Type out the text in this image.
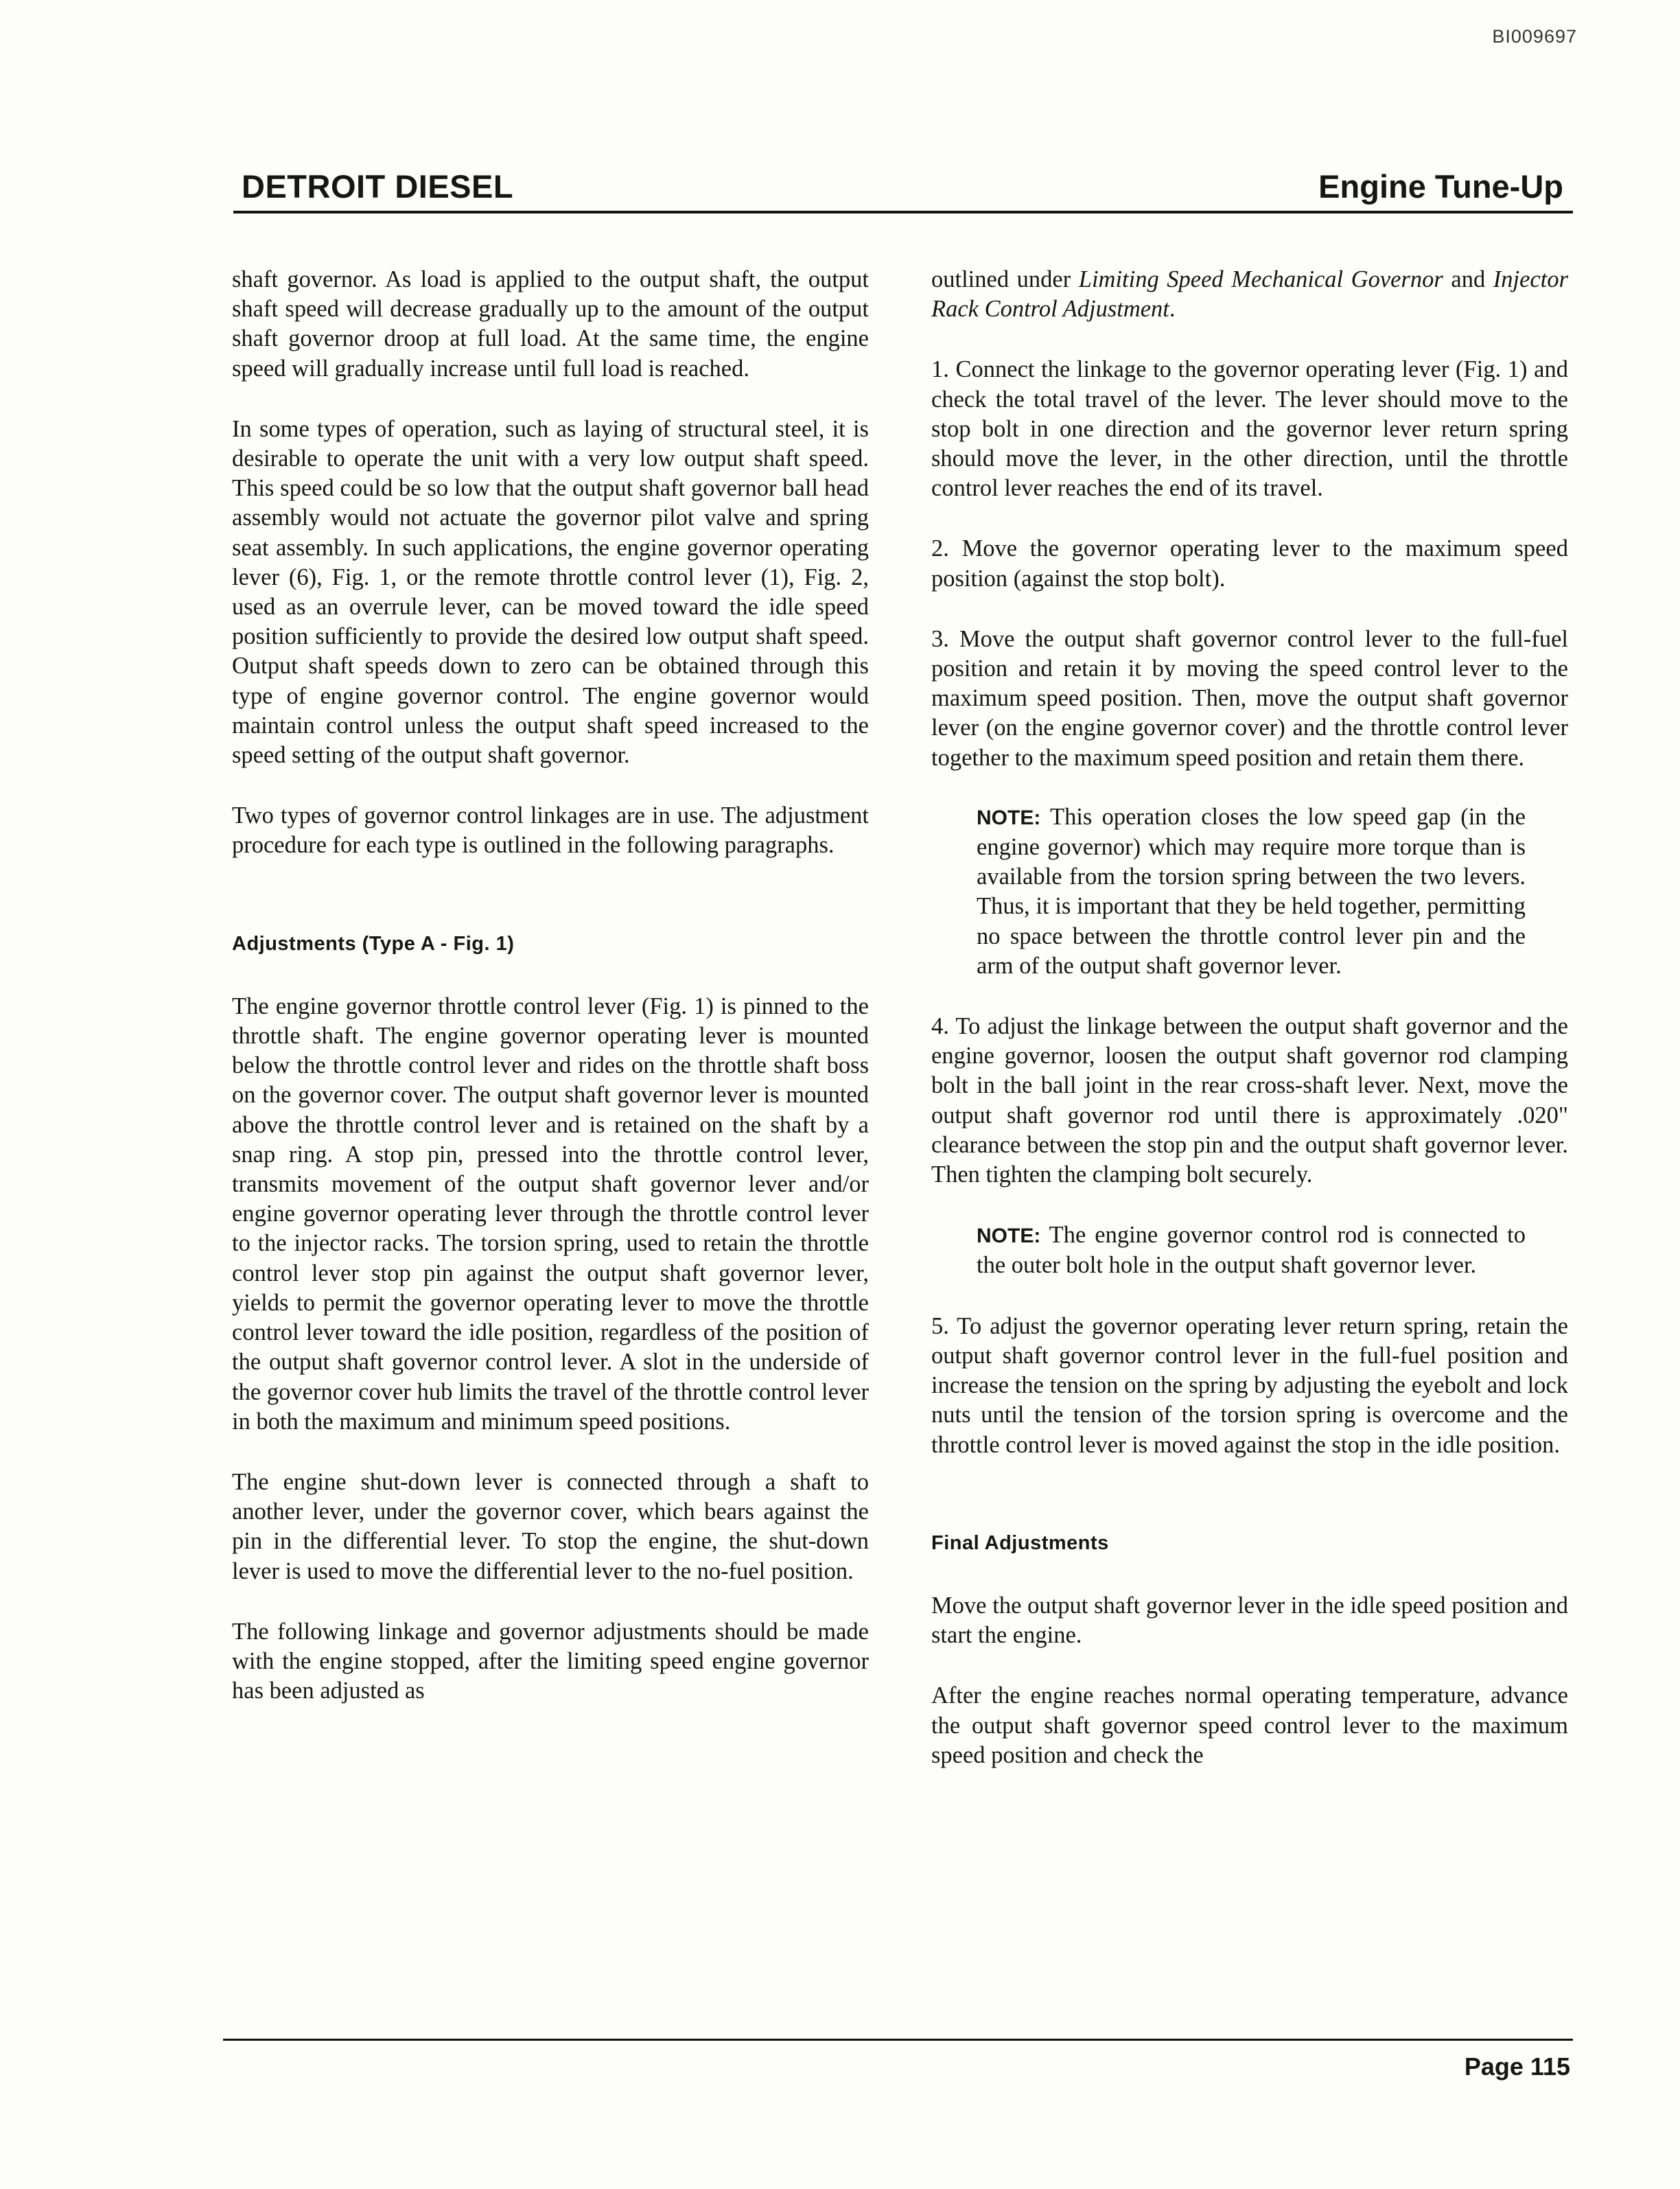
BI009697
DETROIT DIESEL	Engine Tune-Up

shaft governor. As load is applied to the output shaft, the output shaft speed will decrease gradually up to the amount of the output shaft governor droop at full load. At the same time, the engine speed will gradually increase until full load is reached.

In some types of operation, such as laying of structural steel, it is desirable to operate the unit with a very low output shaft speed. This speed could be so low that the output shaft governor ball head assembly would not actuate the governor pilot valve and spring seat assembly. In such applications, the engine governor operating lever (6), Fig. 1, or the remote throttle control lever (1), Fig. 2, used as an overrule lever, can be moved toward the idle speed position sufficiently to provide the desired low output shaft speed. Output shaft speeds down to zero can be obtained through this type of engine governor control. The engine governor would maintain control unless the output shaft speed increased to the speed setting of the output shaft governor.

Two types of governor control linkages are in use. The adjustment procedure for each type is outlined in the following paragraphs.

Adjustments (Type A - Fig. 1)

The engine governor throttle control lever (Fig. 1) is pinned to the throttle shaft. The engine governor operating lever is mounted below the throttle control lever and rides on the throttle shaft boss on the governor cover. The output shaft governor lever is mounted above the throttle control lever and is retained on the shaft by a snap ring. A stop pin, pressed into the throttle control lever, transmits movement of the output shaft governor lever and/or engine governor operating lever through the throttle control lever to the injector racks. The torsion spring, used to retain the throttle control lever stop pin against the output shaft governor lever, yields to permit the governor operating lever to move the throttle control lever toward the idle position, regardless of the position of the output shaft governor control lever. A slot in the underside of the governor cover hub limits the travel of the throttle control lever in both the maximum and minimum speed positions.

The engine shut-down lever is connected through a shaft to another lever, under the governor cover, which bears against the pin in the differential lever. To stop the engine, the shut-down lever is used to move the differential lever to the no-fuel position.

The following linkage and governor adjustments should be made with the engine stopped, after the limiting speed engine governor has been adjusted as

outlined under Limiting Speed Mechanical Governor and Injector Rack Control Adjustment.

1. Connect the linkage to the governor operating lever (Fig. 1) and check the total travel of the lever. The lever should move to the stop bolt in one direction and the governor lever return spring should move the lever, in the other direction, until the throttle control lever reaches the end of its travel.

2. Move the governor operating lever to the maximum speed position (against the stop bolt).

3. Move the output shaft governor control lever to the full-fuel position and retain it by moving the speed control lever to the maximum speed position. Then, move the output shaft governor lever (on the engine governor cover) and the throttle control lever together to the maximum speed position and retain them there.

NOTE: This operation closes the low speed gap (in the engine governor) which may require more torque than is available from the torsion spring between the two levers. Thus, it is important that they be held together, permitting no space between the throttle control lever pin and the arm of the output shaft governor lever.

4. To adjust the linkage between the output shaft governor and the engine governor, loosen the output shaft governor rod clamping bolt in the ball joint in the rear cross-shaft lever. Next, move the output shaft governor rod until there is approximately .020" clearance between the stop pin and the output shaft governor lever. Then tighten the clamping bolt securely.

NOTE: The engine governor control rod is connected to the outer bolt hole in the output shaft governor lever.

5. To adjust the governor operating lever return spring, retain the output shaft governor control lever in the full-fuel position and increase the tension on the spring by adjusting the eyebolt and lock nuts until the tension of the torsion spring is overcome and the throttle control lever is moved against the stop in the idle position.

Final Adjustments

Move the output shaft governor lever in the idle speed position and start the engine.

After the engine reaches normal operating temperature, advance the output shaft governor speed control lever to the maximum speed position and check the

Page 115
